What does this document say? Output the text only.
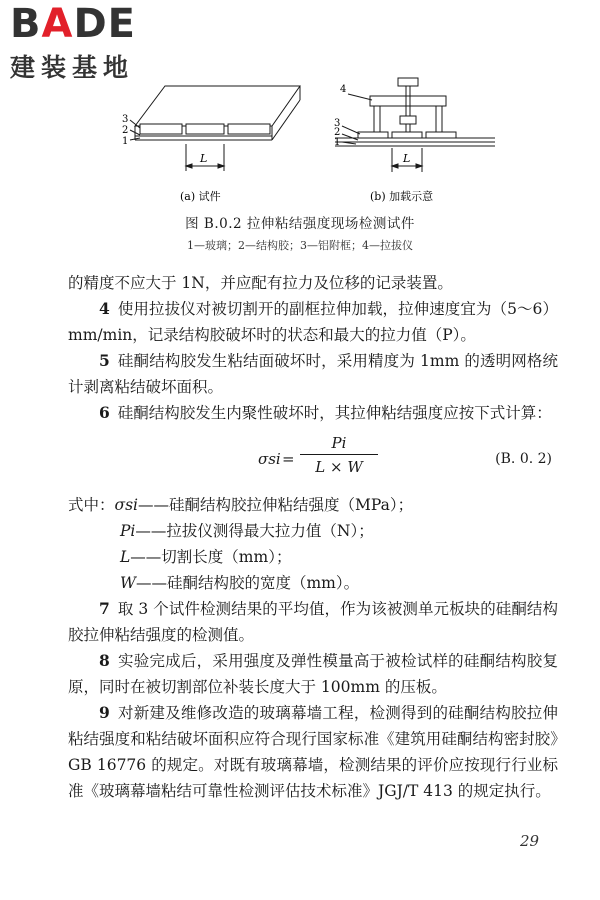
BADE
建装基地
3
2
1
L
(a) 试件
4
3
2
1
L
(b) 加载示意
图 B.0.2 拉伸粘结强度现场检测试件
1—玻璃；2—结构胶；3—铝附框；4—拉拔仪

的精度不应大于 1N，并应配有拉力及位移的记录装置。

4 使用拉拔仪对被切割开的副框拉伸加载，拉伸速度宜为（5～6）mm/min，记录结构胶破坏时的状态和最大的拉力值（P）。

5 硅酮结构胶发生粘结面破坏时，采用精度为 1mm 的透明网格统计剥离粘结破坏面积。

6 硅酮结构胶发生内聚性破坏时，其拉伸粘结强度应按下式计算：

$\sigma si = \frac{Pi}{L \times W}$	(B. 0. 2)
式中：σsi——硅酮结构胶拉伸粘结强度（MPa）；
Pi——拉拔仪测得最大拉力值（N）；
L——切割长度（mm）；
W——硅酮结构胶的宽度（mm）。

7 取 3 个试件检测结果的平均值，作为该被测单元板块的硅酮结构胶拉伸粘结强度的检测值。

8 实验完成后，采用强度及弹性模量高于被检试样的硅酮结构胶复原，同时在被切割部位补装长度大于 100mm 的压板。

9 对新建及维修改造的玻璃幕墙工程，检测得到的硅酮结构胶拉伸粘结强度和粘结破坏面积应符合现行国家标准《建筑用硅酮结构密封胶》GB 16776 的规定。对既有玻璃幕墙，检测结果的评价应按现行行业标准《玻璃幕墙粘结可靠性检测评估技术标准》JGJ/T 413 的规定执行。

29
